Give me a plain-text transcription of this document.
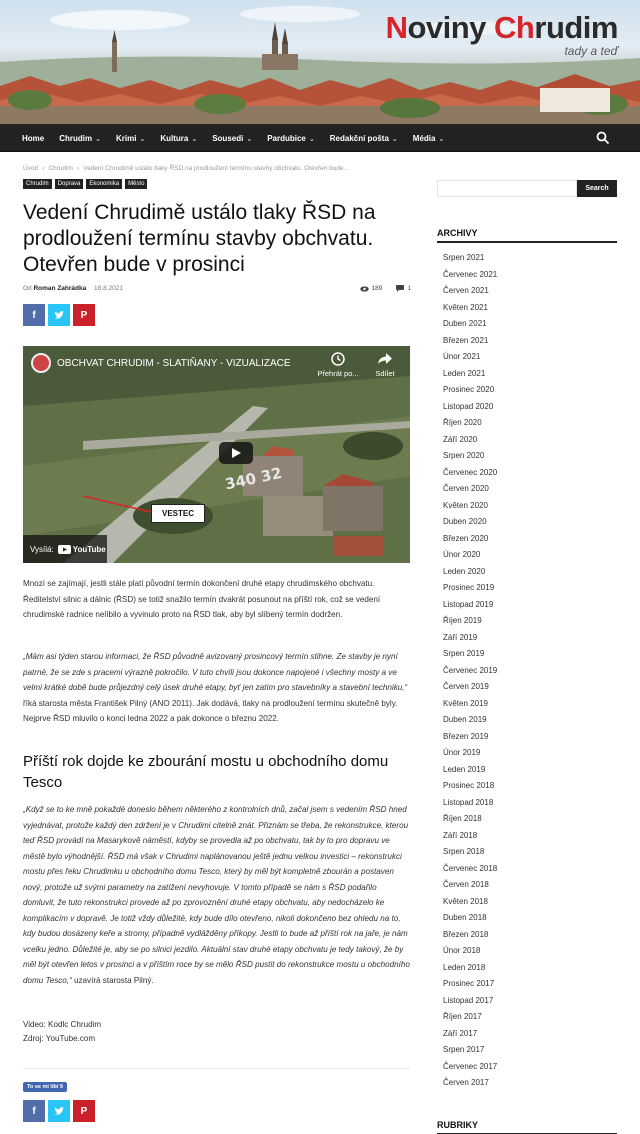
Noviny Chrudim
tady a teď
Home Chrudim ⌄ Krimi ⌄ Kultura ⌄ Sousedi ⌄ Pardubice ⌄ Redakční pošta ⌄ Média ⌄
Úvod › Chrudim › Vedení Chrudimě ustálo tlaky ŘSD na prodloužení termínu stavby obchvatu. Otevřen bude...
Chrudim	Doprava	Ekonomika	Město
Vedení Chrudimě ustálo tlaky ŘSD na prodloužení termínu stavby obchvatu. Otevřen bude v prosinci
Od Roman Zahrádka 18.8.2021	189	1
f	P
340 32
OBCHVAT CHRUDIM - SLATIŇANY - VIZUALIZACE
Přehrát po...	Sdílet
VESTEC
Vysílá: YouTube

Mnozí se zajímají, jestli stále platí původní termín dokončení druhé etapy chrudimského obchvatu. Ředitelství silnic a dálnic (ŘSD) se totiž snažilo termín dvakrát posunout na příští rok, což se vedení chrudimské radnice nelíbilo a vyvinulo proto na ŘSD tlak, aby byl slíbený termín dodržen.

„Mám asi týden starou informaci, že ŘSD původně avizovaný prosincový termín stihne. Ze stavby je nyní patrné, že se zde s pracemi výrazně pokročilo. V tuto chvíli jsou dokonce napojené i všechny mosty a ve velmi krátké době bude průjezdný celý úsek druhé etapy, byť jen zatím pro stavebníky a stavební techniku,“ říká starosta města František Pilný (ANO 2011). Jak dodává, tlaky na prodloužení termínu skutečně byly. Nejprve ŘSD mluvilo o konci ledna 2022 a pak dokonce o březnu 2022.

Příští rok dojde ke zbourání mostu u obchodního domu Tesco

„Když se to ke mně pokaždé doneslo během některého z kontrolních dnů, začal jsem s vedením ŘSD hned vyjednávat, protože každý den zdržení je v Chrudimi citelně znát. Přiznám se třeba, že rekonstrukce, kterou teď ŘSD provádí na Masarykově náměstí, kdyby se provedla až po obchvatu, tak by to pro dopravu ve městě bylo výhodnější. ŘSD má však v Chrudimi naplánovanou ještě jednu velkou investici – rekonstrukci mostu přes řeku Chrudimku u obchodního domu Tesco, který by měl být kompletně zbourán a postaven nový, protože už svými parametry na zatížení nevyhovuje. V tomto případě se nám s ŘSD podařilo domluvit, že tuto rekonstrukci provede až po zprovoznění druhé etapy obchvatu, aby nedocházelo ke komplikacím v dopravě. Je totiž vždy důležité, kdy bude dílo otevřeno, nikoli dokončeno bez ohledu na to, kdy budou dosázeny keře a stromy, případně vydlážděny příkopy. Jestli to bude až příští rok na jaře, je nám vcelku jedno. Důležité je, aby se po silnici jezdilo. Aktuální stav druhé etapy obchvatu je tedy takový, že by měl být otevřen letos v prosinci a v příštím roce by se mělo ŘSD pustit do rekonstrukce mostu u obchodního domu Tesco,“ uzavírá starosta Pilný.

Video: Kodlc Chrudim

Zdroj: YouTube.com

To se mi líbí 9
f	P
Search
ARCHIVY
Srpen 2021
Červenec 2021
Červen 2021
Květen 2021
Duben 2021
Březen 2021
Únor 2021
Leden 2021
Prosinec 2020
Listopad 2020
Říjen 2020
Září 2020
Srpen 2020
Červenec 2020
Červen 2020
Květen 2020
Duben 2020
Březen 2020
Únor 2020
Leden 2020
Prosinec 2019
Listopad 2019
Říjen 2019
Září 2019
Srpen 2019
Červenec 2019
Červen 2019
Květen 2019
Duben 2019
Březen 2019
Únor 2019
Leden 2019
Prosinec 2018
Listopad 2018
Říjen 2018
Září 2018
Srpen 2018
Červenec 2018
Červen 2018
Květen 2018
Duben 2018
Březen 2018
Únor 2018
Leden 2018
Prosinec 2017
Listopad 2017
Říjen 2017
Září 2017
Srpen 2017
Červenec 2017
Červen 2017
RUBRIKY
